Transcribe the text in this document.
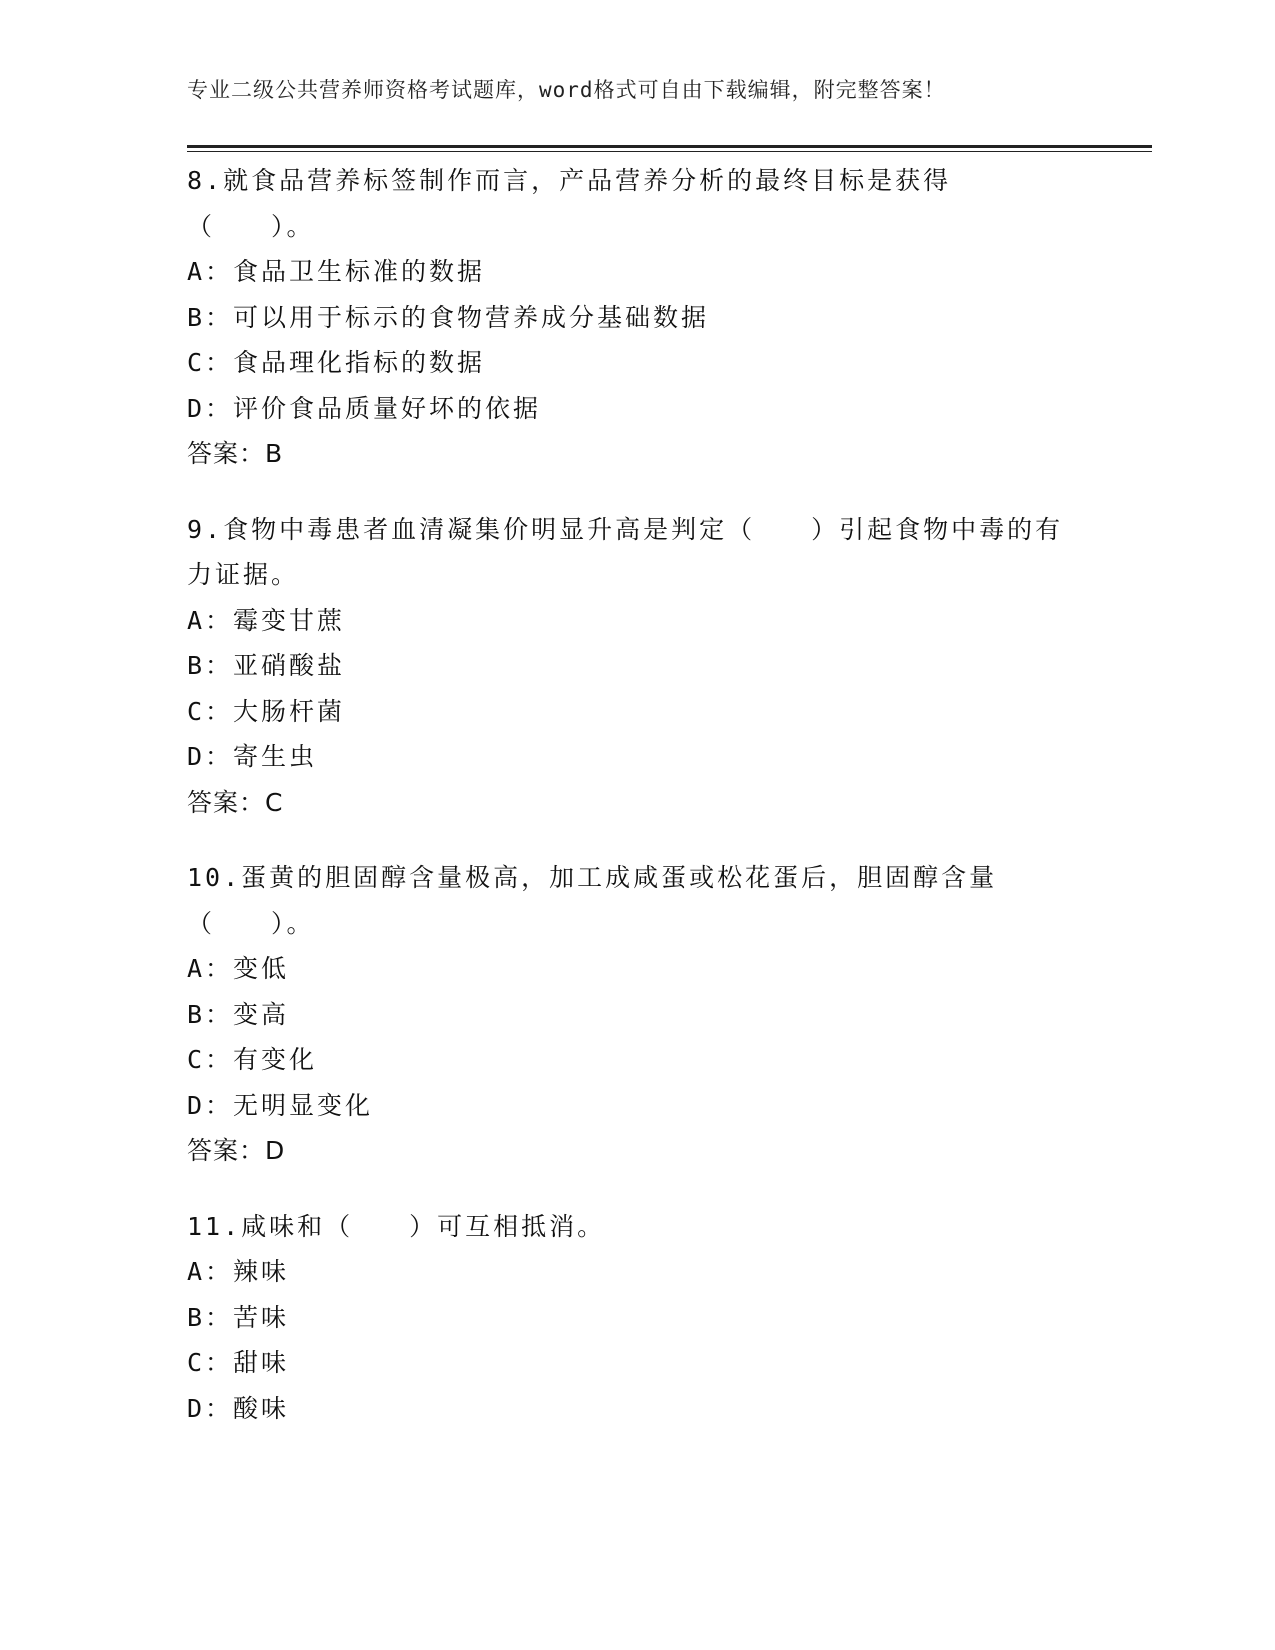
专业二级公共营养师资格考试题库，word格式可自由下载编辑，附完整答案！

8.就食品营养标签制作而言，产品营养分析的最终目标是获得（　　）。

A：食品卫生标准的数据
B：可以用于标示的食物营养成分基础数据
C：食品理化指标的数据
D：评价食品质量好坏的依据
答案：B

9.食物中毒患者血清凝集价明显升高是判定（　　）引起食物中毒的有力证据。

A：霉变甘蔗
B：亚硝酸盐
C：大肠杆菌
D：寄生虫
答案：C

10.蛋黄的胆固醇含量极高，加工成咸蛋或松花蛋后，胆固醇含量（　　）。

A：变低
B：变高
C：有变化
D：无明显变化
答案：D

11.咸味和（　　）可互相抵消。

A：辣味
B：苦味
C：甜味
D：酸味
